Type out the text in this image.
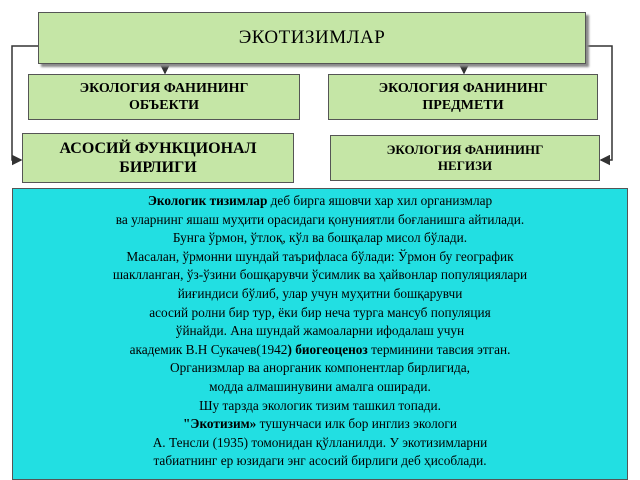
ЭКОТИЗИМЛАР
ЭКОЛОГИЯ ФАНИНИНГ
ОБЪЕКТИ
ЭКОЛОГИЯ ФАНИНИНГ
ПРЕДМЕТИ
АСОСИЙ ФУНКЦИОНАЛ
БИРЛИГИ
ЭКОЛОГИЯ ФАНИНИНГ
НЕГИЗИ
Экологик тизимлар деб бирга яшовчи хар хил организмлар
ва уларнинг яшаш муҳити орасидаги қонуниятли боғланишга айтилади.
Бунга ўрмон, ўтлоқ, кўл ва бошқалар мисол бўлади.
Масалан, ўрмонни шундай таърифласа бўлади: Ўрмон бу географик
шаклланган, ўз-ўзини бошқарувчи ўсимлик ва ҳайвонлар популяциялари
йиғиндиси бўлиб, улар учун муҳитни бошқарувчи
асосий ролни бир тур, ёки бир неча турга мансуб популяция
ўйнайди. Ана шундай жамоаларни ифодалаш учун
академик В.Н Сукачев(1942) биогеоценоз терминини тавсия этган.
Организмлар ва анорганик компонентлар бирлигида,
модда алмашинувини амалга оширади.
Шу тарзда экологик тизим ташкил топади.
"Экотизим» тушунчаси илк бор инглиз экологи
А. Тенсли (1935) томонидан қўлланилди. У экотизимларни
табиатнинг ер юзидаги энг асосий бирлиги деб ҳисоблади.
